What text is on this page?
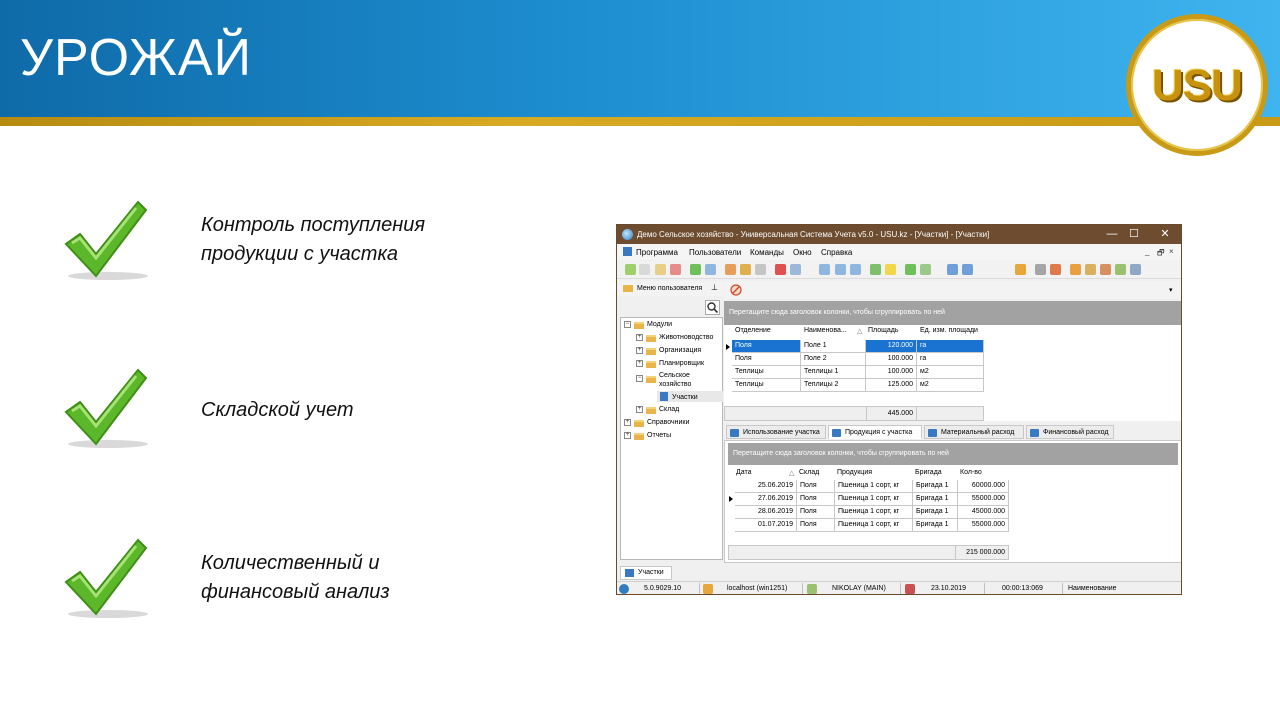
УРОЖАЙ	USU
Контроль поступления
продукции с участка
Складской учет
Количественный и
финансовый анализ
Демо Сельское хозяйство - Универсальная Система Учета v5.0 - USU.kz - [Участки] - [Участки]	—	☐	✕
Программа Пользователи Команды Окно Справка	_ 🗗 ×
Меню пользователя ⊥
−	Модули
+	Животноводство
+	Организация
+	Планировщик
−	Сельское
хозяйство
Участки
+	Склад
+	Справочники
+	Отчеты
▾
Перетащите сюда заголовок колонки, чтобы сгруппировать по ней
Отделение	Наименова... △ Площадь	Ед. изм. площади
Поля	Поле 1	120.000	га
Поля	Поле 2	100.000	га
Теплицы	Теплицы 1	100.000	м2
Теплицы	Теплицы 2	125.000	м2
445.000
Использование участка	Продукция с участка	Материальный расход	Финансовый расход
Перетащите сюда заголовок колонки, чтобы сгруппировать по ней
Дата	△ Склад	Продукция	Бригада	Кол-во
25.06.2019	Поля	Пшеница 1 сорт, кг	Бригада 1	60000.000
27.06.2019	Поля	Пшеница 1 сорт, кг	Бригада 1	55000.000
28.06.2019	Поля	Пшеница 1 сорт, кг	Бригада 1	45000.000
01.07.2019	Поля	Пшеница 1 сорт, кг	Бригада 1	55000.000
215 000.000
Участки
5.0.9029.10	localhost (win1251)	NIKOLAY (MAIN)	23.10.2019	00:00:13:069	Наименование
